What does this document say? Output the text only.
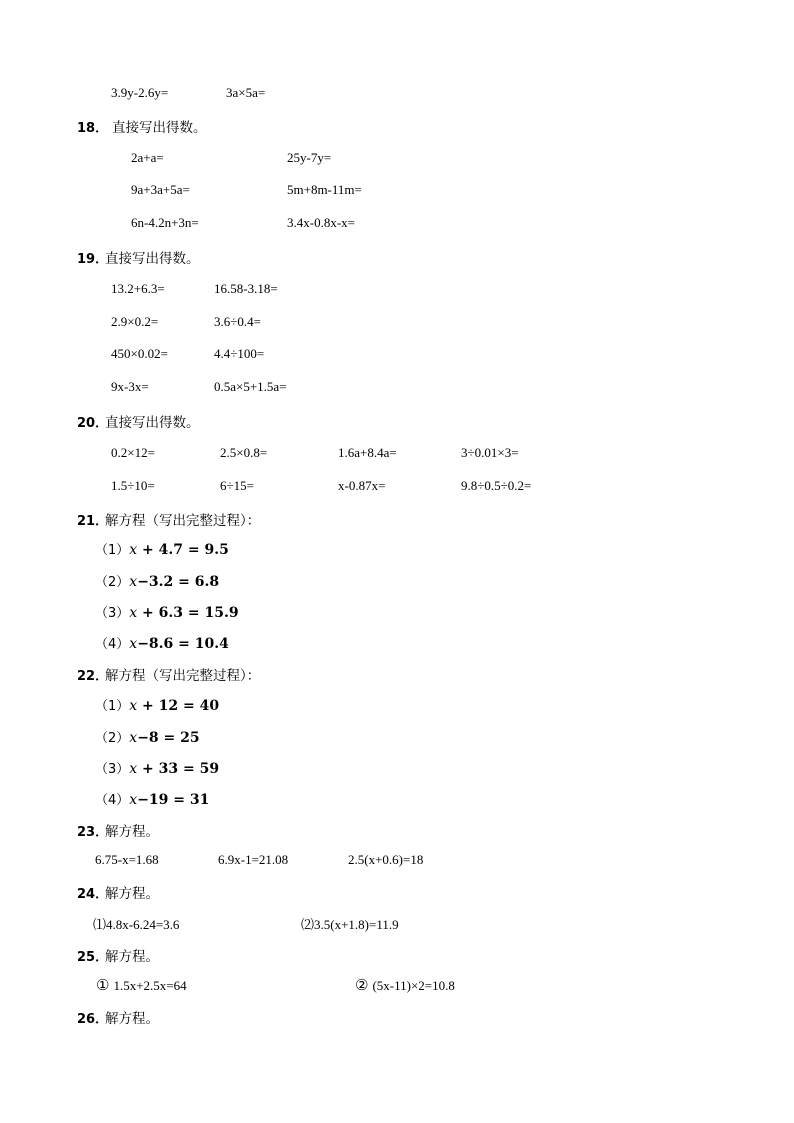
3.9y-2.6y=	3a×5a=
18． 直接写出得数。
2a+a=	25y-7y=
9a+3a+5a=	5m+8m-11m=
6n-4.2n+3n=	3.4x-0.8x-x=
19．
直接写出得数。
13.2+6.3=	16.58-3.18=
2.9×0.2=	3.6÷0.4=
450×0.02=	4.4÷100=
9x-3x=	0.5a×5+1.5a=
20．
直接写出得数。
0.2×12=	2.5×0.8=	1.6a+8.4a=	3÷0.01×3=
1.5÷10=	6÷15=	x-0.87x=	9.8÷0.5÷0.2=
21．
解方程（写出完整过程）：
（1）x + 4.7 = 9.5
（2）x−3.2 = 6.8
（3）x + 6.3 = 15.9
（4）x−8.6 = 10.4
22．
解方程（写出完整过程）：
（1）x + 12 = 40
（2）x−8 = 25
（3）x + 33 = 59
（4）x−19 = 31
23．
解方程。
6.75-x=1.68	6.9x-1=21.08	2.5(x+0.6)=18
24．
解方程。
⑴4.8x-6.24=3.6	⑵3.5(x+1.8)=11.9
25．
解方程。
① 1.5x+2.5x=64	② (5x-11)×2=10.8
26．
解方程。
